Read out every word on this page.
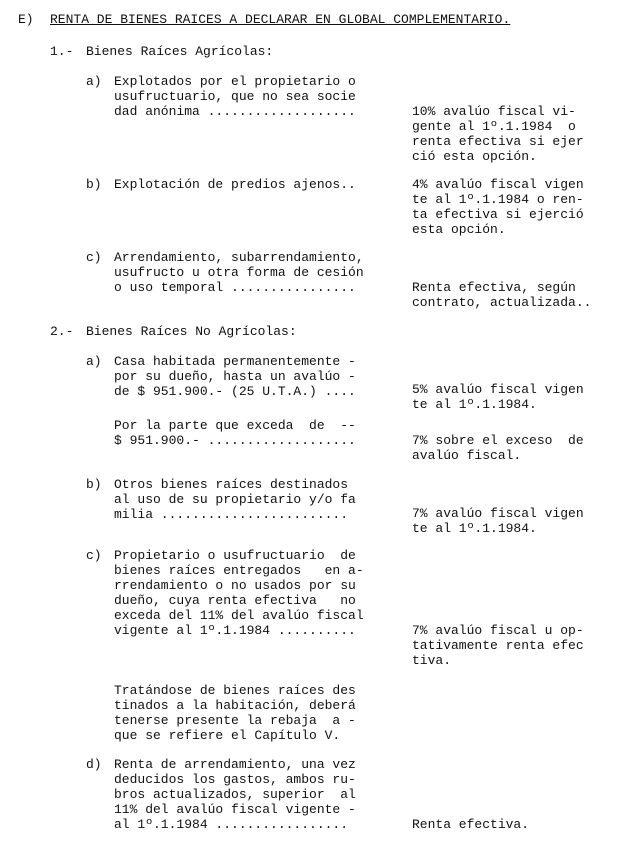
E) RENTA DE BIENES RAICES A DECLARAR EN GLOBAL COMPLEMENTARIO.
1.- Bienes Raíces Agrícolas:
a) Explotados por el propietario o
usufructuario, que no sea socie
dad anónima ...................	10% avalúo fiscal vi-
gente al 1º.1.1984  o
renta efectiva si ejer
ció esta opción.
b) Explotación de predios ajenos..	4% avalúo fiscal vigen
te al 1º.1.1984 o ren-
ta efectiva si ejerció
esta opción.
c) Arrendamiento, subarrendamiento,
usufructo u otra forma de cesión
o uso temporal ................	Renta efectiva, según
contrato, actualizada..
2.- Bienes Raíces No Agrícolas:
a) Casa habitada permanentemente -
por su dueño, hasta un avalúo -
de $ 951.900.- (25 U.T.A.) ....	5% avalúo fiscal vigen
te al 1º.1.1984.
Por la parte que exceda  de  --
$ 951.900.- ...................	7% sobre el exceso  de
avalúo fiscal.
b) Otros bienes raíces destinados
al uso de su propietario y/o fa
milia ........................	7% avalúo fiscal vigen
te al 1º.1.1984.
c) Propietario o usufructuario  de
bienes raíces entregados   en a-
rrendamiento o no usados por su
dueño, cuya renta efectiva   no
exceda del 11% del avalúo fiscal
vigente al 1º.1.1984 ..........	7% avalúo fiscal u op-
tativamente renta efec
tiva.
Tratándose de bienes raíces des
tinados a la habitación, deberá
tenerse presente la rebaja  a -
que se refiere el Capítulo V.
d) Renta de arrendamiento, una vez
deducidos los gastos, ambos ru-
bros actualizados, superior  al
11% del avalúo fiscal vigente -
al 1º.1.1984 .................	Renta efectiva.
